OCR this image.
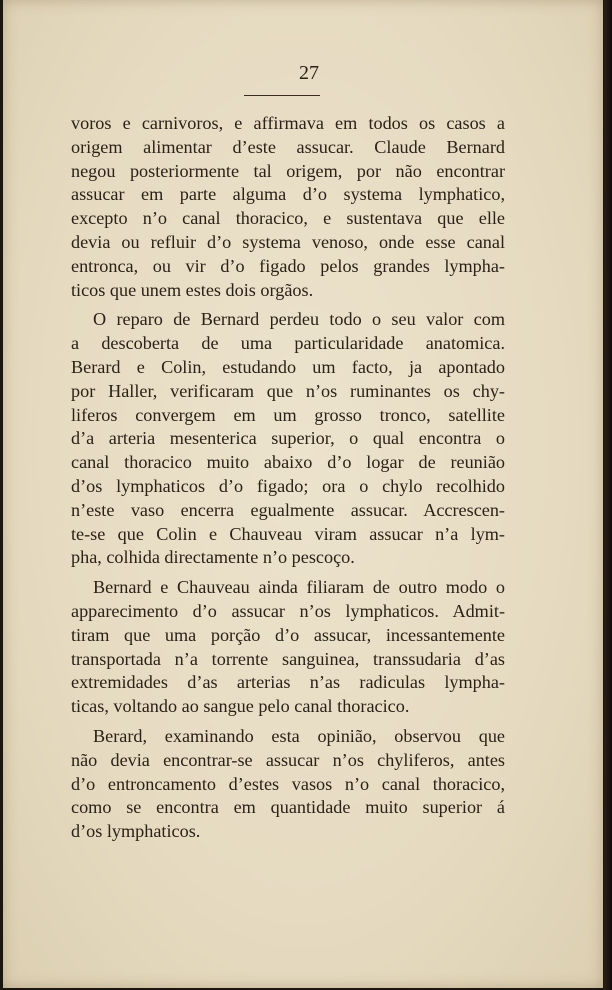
27
voros e carnivoros, e affirmava em todos os casos a
origem alimentar d’este assucar. Claude Bernard
negou posteriormente tal origem, por não encontrar
assucar em parte alguma d’o systema lymphatico,
excepto n’o canal thoracico, e sustentava que elle
devia ou refluir d’o systema venoso, onde esse canal
entronca, ou vir d’o figado pelos grandes lympha-
ticos que unem estes dois orgãos.
O reparo de Bernard perdeu todo o seu valor com
a descoberta de uma particularidade anatomica.
Berard e Colin, estudando um facto, ja apontado
por Haller, verificaram que n’os ruminantes os chy-
liferos convergem em um grosso tronco, satellite
d’a arteria mesenterica superior, o qual encontra o
canal thoracico muito abaixo d’o logar de reunião
d’os lymphaticos d’o figado; ora o chylo recolhido
n’este vaso encerra egualmente assucar. Accrescen-
te-se que Colin e Chauveau viram assucar n’a lym-
pha, colhida directamente n’o pescoço.
Bernard e Chauveau ainda filiaram de outro modo o
apparecimento d’o assucar n’os lymphaticos. Admit-
tiram que uma porção d’o assucar, incessantemente
transportada n’a torrente sanguinea, transsudaria d’as
extremidades d’as arterias n’as radiculas lympha-
ticas, voltando ao sangue pelo canal thoracico.
Berard, examinando esta opinião, observou que
não devia encontrar-se assucar n’os chyliferos, antes
d’o entroncamento d’estes vasos n’o canal thoracico,
como se encontra em quantidade muito superior á
d’os lymphaticos.
